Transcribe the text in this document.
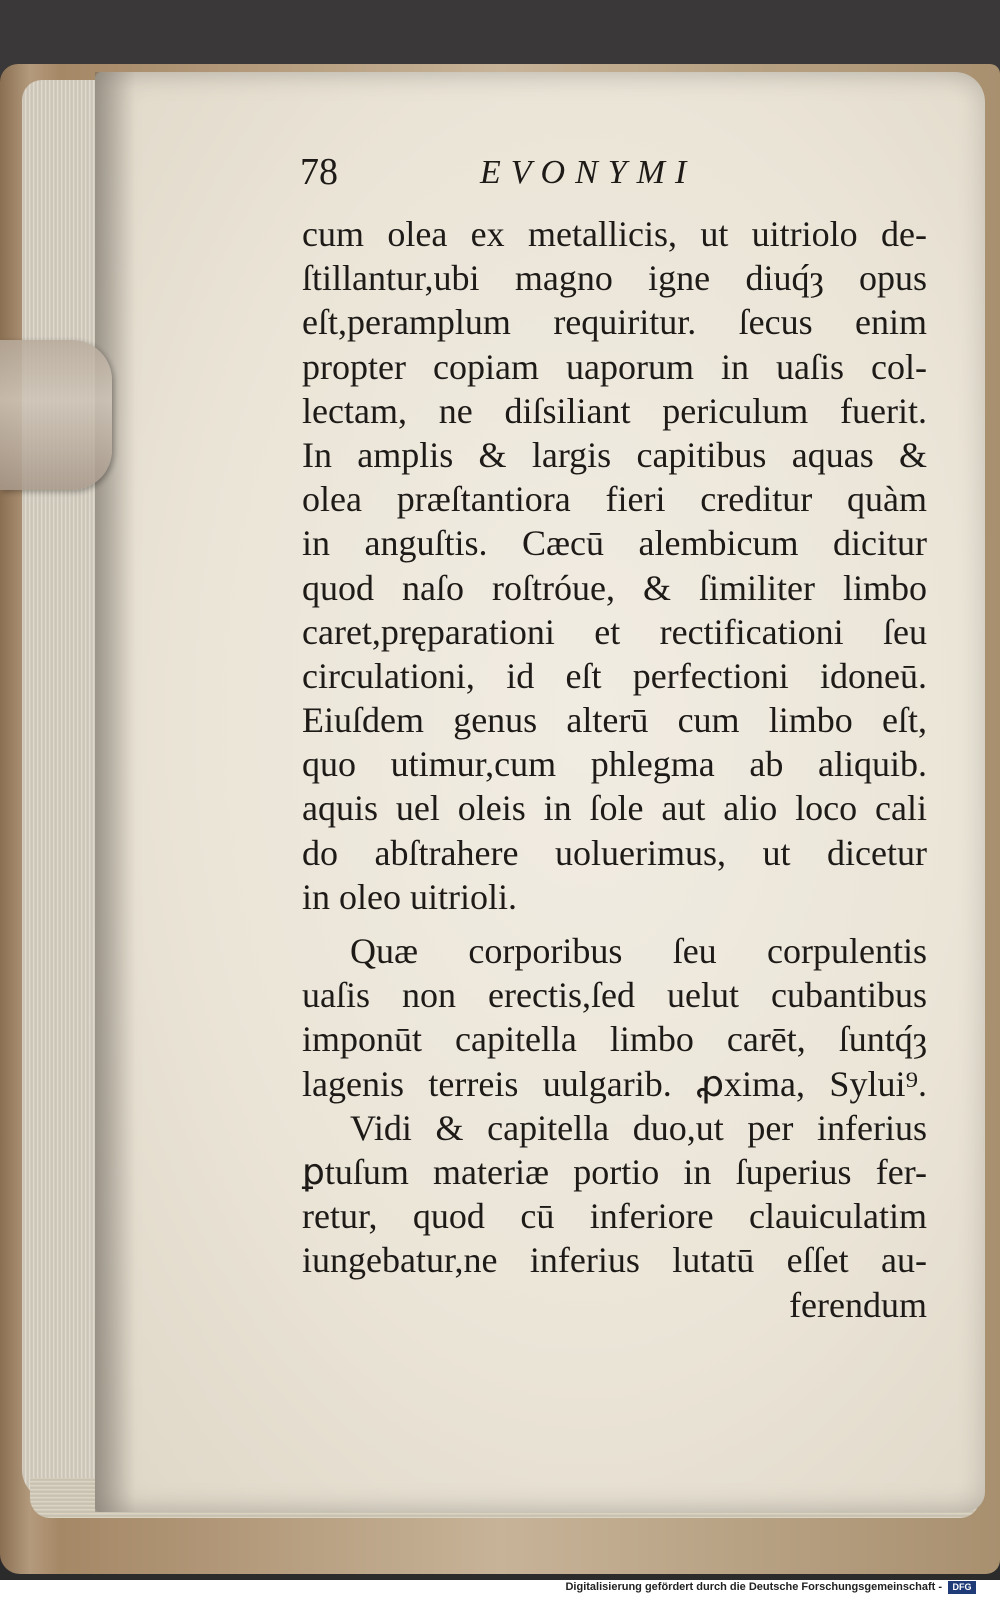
78	EVONYMI
cum olea ex metallicis, ut uitriolo de-
ſtillantur,ubi magno igne diuq́ȝ opus
eſt,peramplum requiritur. ſecus enim
propter copiam uaporum in uaſis col-
lectam, ne diſsiliant periculum fuerit.
In amplis & largis capitibus aquas &
olea præſtantiora fieri creditur quàm
in anguſtis. Cæcū alembicum dicitur
quod naſo roſtróue, & ſimiliter limbo
caret,pręparationi et rectificationi ſeu
circulationi, id eſt perfectioni idoneū.
Eiuſdem genus alterū cum limbo eſt,
quo utimur,cum phlegma ab aliquib.
aquis uel oleis in ſole aut alio loco cali
do abſtrahere uoluerimus, ut dicetur
in oleo uitrioli.
Quæ corporibus ſeu corpulentis
uaſis non erectis,ſed uelut cubantibus
imponūt capitella limbo carēt, ſuntq́ȝ
lagenis terreis uulgarib. ꝓxima, Sylui⁹.
Vidi & capitella duo,ut per inferius
ꝑtuſum materiæ portio in ſuperius fer-
retur, quod cū inferiore clauiculatim
iungebatur,ne inferius lutatū eſſet au-
ferendum
Digitalisierung gefördert durch die Deutsche Forschungsgemeinschaft -	DFG
